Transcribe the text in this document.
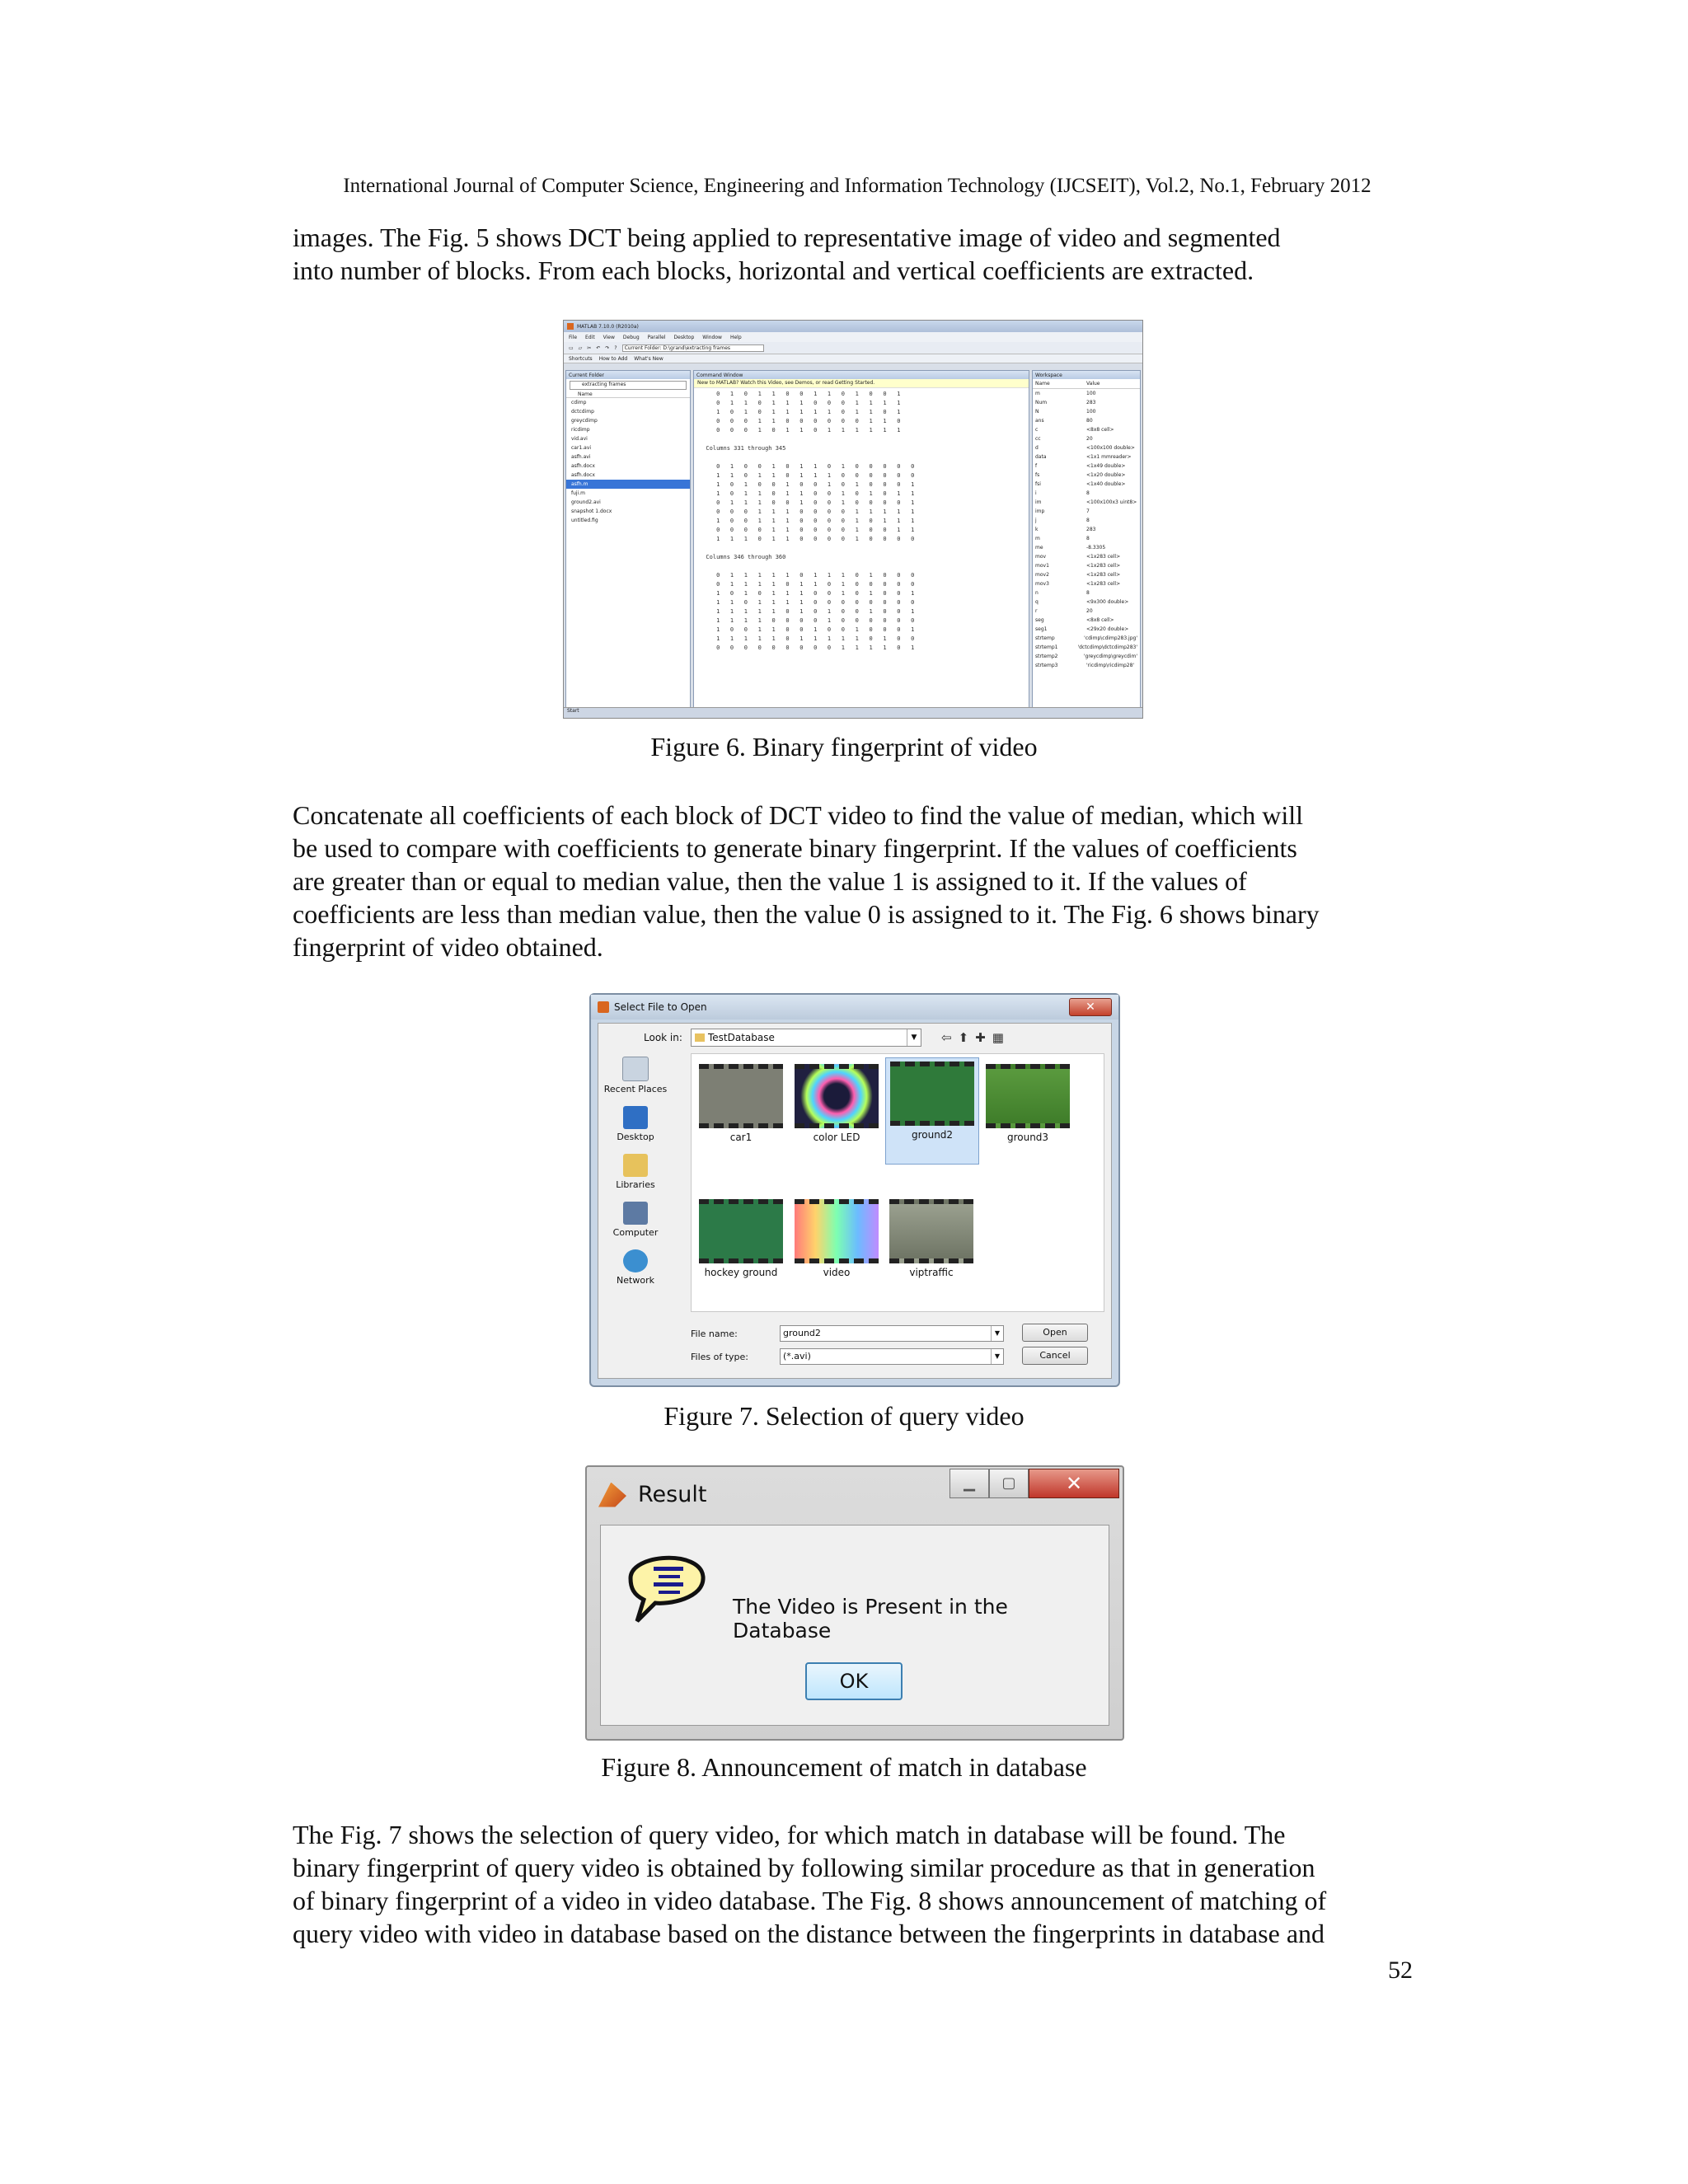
International Journal of Computer Science, Engineering and Information Technology (IJCSEIT), Vol.2, No.1, February 2012
images. The Fig. 5 shows DCT being applied to representative image of video and segmented
into number of blocks. From each blocks, horizontal and vertical coefficients are extracted.
MATLAB 7.10.0 (R2010a)
File Edit View Debug Parallel Desktop Window Help
▭ ▱ ✂ ↶ ↷ ?	Current Folder: D:\grand\extracting frames
Shortcuts How to Add What's New
Current Folder
extracting frames
Name
cdimp
dctcdimp
greycdimp
ricdimp
vid.avi
car1.avi
asfh.avi
asfh.docx
asfh.docx
asfh.m
fuji.m
ground2.avi
snapshot 1.docx
untitled.fig
Command Window
New to MATLAB? Watch this Video, see Demos, or read Getting Started.
0   1   0   1   1   0   0   1   1   0   1   0   0   1
0   1   1   0   1   1   1   0   0   0   1   1   1   1
1   0   1   0   1   1   1   1   1   0   1   1   0   1
0   0   0   1   1   0   0   0   0   0   0   1   1   0
0   0   0   1   0   1   1   0   1   1   1   1   1   1
Columns 331 through 345
0   1   0   0   1   0   1   1   0   1   0   0   0   0   0
1   1   0   1   1   0   1   1   1   0   0   0   0   0   0
1   0   1   0   0   1   0   0   1   0   1   0   0   0   1
1   0   1   1   0   1   1   0   0   1   0   1   0   1   1
0   1   1   1   0   0   1   0   0   1   0   0   0   0   1
0   0   0   1   1   1   0   0   0   0   1   1   1   1   1
1   0   0   1   1   1   0   0   0   0   1   0   1   1   1
0   0   0   0   1   1   0   0   0   0   1   0   0   1   1
1   1   1   0   1   1   0   0   0   0   1   0   0   0   0
Columns 346 through 360
0   1   1   1   1   1   0   1   1   1   0   1   0   0   0
0   1   1   1   1   0   1   1   0   1   0   0   0   0   0
1   0   1   0   1   1   1   0   0   1   0   1   0   0   1
1   1   0   1   1   1   1   0   0   0   0   0   0   0   0
1   1   1   1   1   0   1   0   1   0   0   1   0   0   1
1   1   1   1   0   0   0   0   1   0   0   0   0   0   0
1   0   0   1   1   0   0   1   0   0   1   0   0   0   1
1   1   1   1   1   0   1   1   1   1   1   0   1   0   0
0   0   0   0   0   0   0   0   0   1   1   1   1   0   1
Workspace
Name	Value
m	100
Num	283
N	100
ans	80
c	<8x8 cell>
cc	20
d	<100x100 double>
data	<1x1 mmreader>
f	<1x49 double>
fs	<1x20 double>
fsi	<1x40 double>
i	8
im	<100x100x3 uint8>
imp	7
j	8
k	283
m	8
me	-8.3305
mov	<1x283 cell>
mov1	<1x283 cell>
mov2	<1x283 cell>
mov3	<1x283 cell>
n	8
q	<9x300 double>
r	20
seg	<8x8 cell>
seg1	<29x20 double>
strtemp	'cdimp\cdimp283.jpg'
strtemp1	'dctcdimp\dctcdimp283'
strtemp2	'greycdimp\greycdim'
strtemp3	'ricdimp\ricdimp28'
Start
Figure 6. Binary fingerprint of video
Concatenate all coefficients of each block of DCT video to find the value of median, which will
be used to compare with coefficients to generate binary fingerprint. If the values of coefficients
are greater than or equal to median value, then the value 1 is assigned to it. If the values of
coefficients are less than median value, then the value 0 is assigned to it. The Fig. 6 shows binary
fingerprint of video obtained.
Select File to Open	✕
Look in:	TestDatabase	▼	⇦ ⬆ ✚ ▦
Recent Places
Desktop
Libraries
Computer
Network
car1	color LED	ground2	ground3
hockey ground	video	viptraffic
File name:	ground2	▼
Files of type:	(*.avi)	▼
Open
Cancel
Figure 7. Selection of query video
Result	▁	▢	✕
The Video is Present in the Database
OK
Figure 8. Announcement of match in database
The Fig. 7 shows the selection of query video, for which match in database will be found. The
binary fingerprint of query video is obtained by following similar procedure as that in generation
of binary fingerprint of a video in video database. The Fig. 8 shows announcement of matching of
query video with video in database based on the distance between the fingerprints in database and
52
